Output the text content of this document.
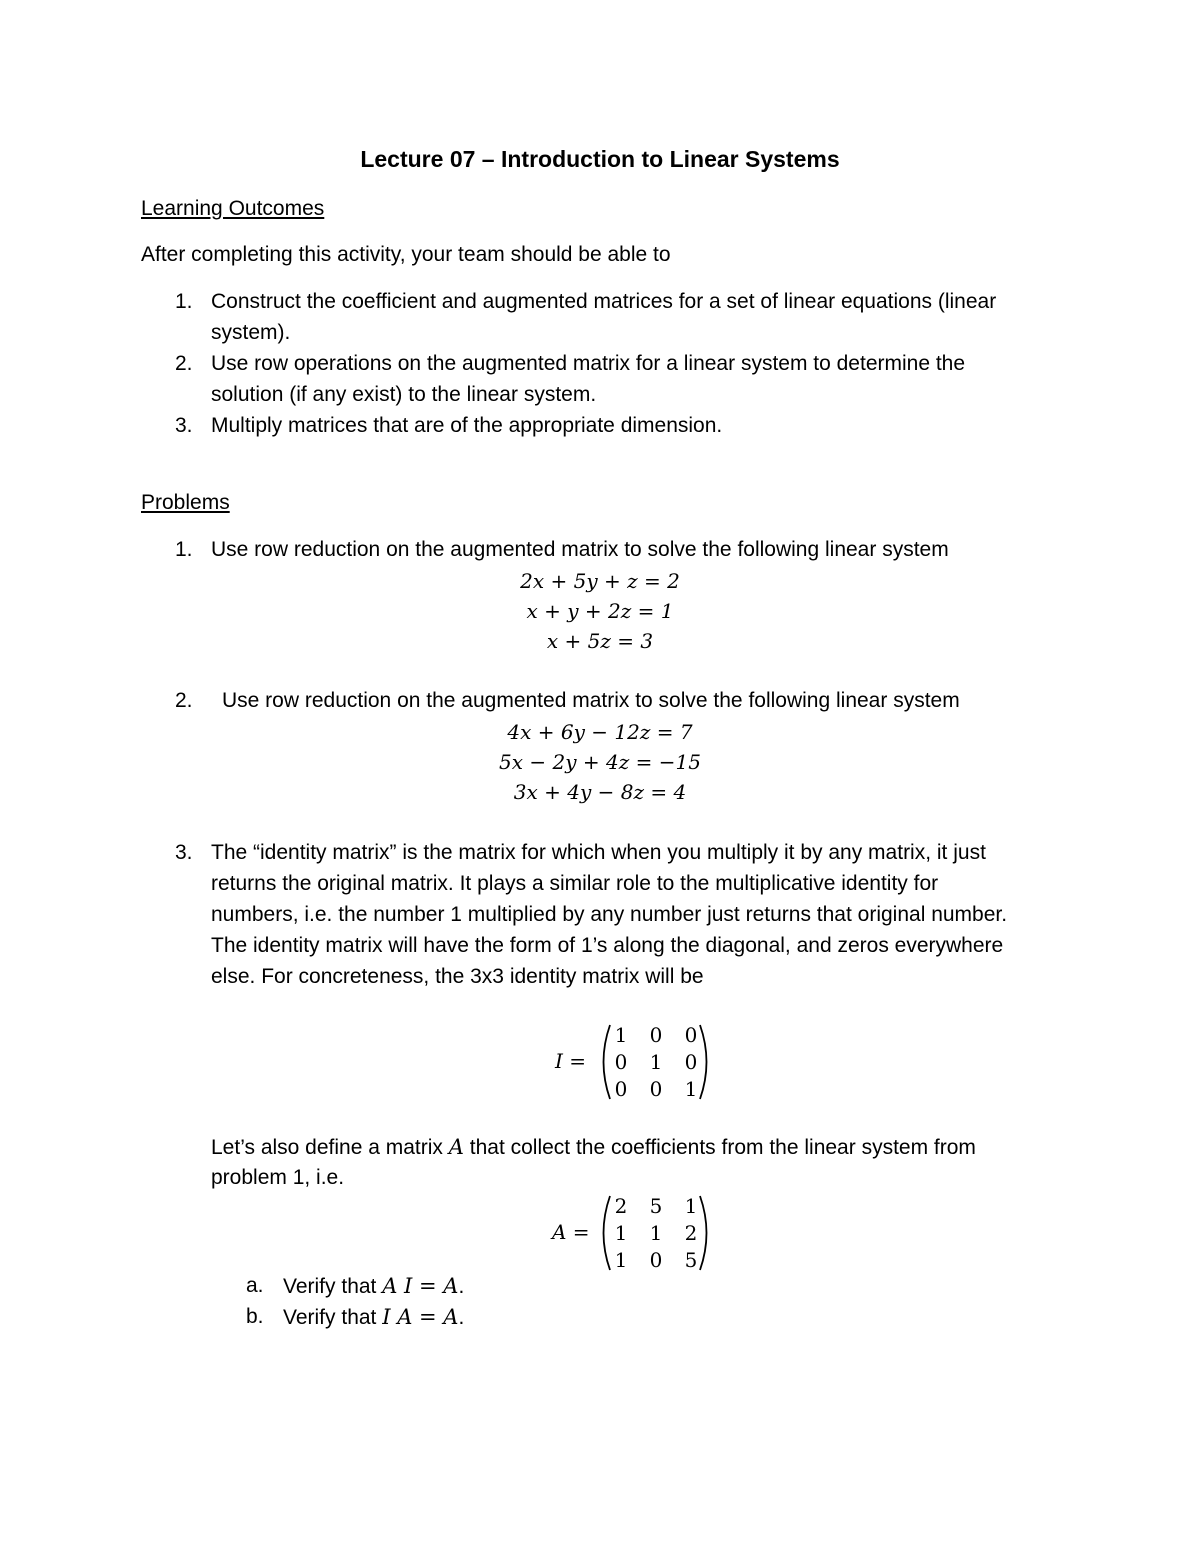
Lecture 07 – Introduction to Linear Systems
Learning Outcomes
After completing this activity, your team should be able to
1. Construct the coefficient and augmented matrices for a set of linear equations (linear
system).
2. Use row operations on the augmented matrix for a linear system to determine the
solution (if any exist) to the linear system.
3. Multiply matrices that are of the appropriate dimension.
Problems
1. Use row reduction on the augmented matrix to solve the following linear system
2x + 5y + z = 2
x + y + 2z = 1
x + 5z = 3
2. Use row reduction on the augmented matrix to solve the following linear system
4x + 6y − 12z = 7
5x − 2y + 4z = −15
3x + 4y − 8z = 4
3. The “identity matrix” is the matrix for which when you multiply it by any matrix, it just
returns the original matrix. It plays a similar role to the multiplicative identity for
numbers, i.e. the number 1 multiplied by any number just returns that original number.
The identity matrix will have the form of 1’s along the diagonal, and zeros everywhere
else. For concreteness, the 3x3 identity matrix will be
I =
1	0	0
0	1	0
0	0	1
Let’s also define a matrix A that collect the coefficients from the linear system from
problem 1, i.e.
A =
2	5	1
1	1	2
1	0	5
a. Verify that A I = A.
b. Verify that I A = A.
